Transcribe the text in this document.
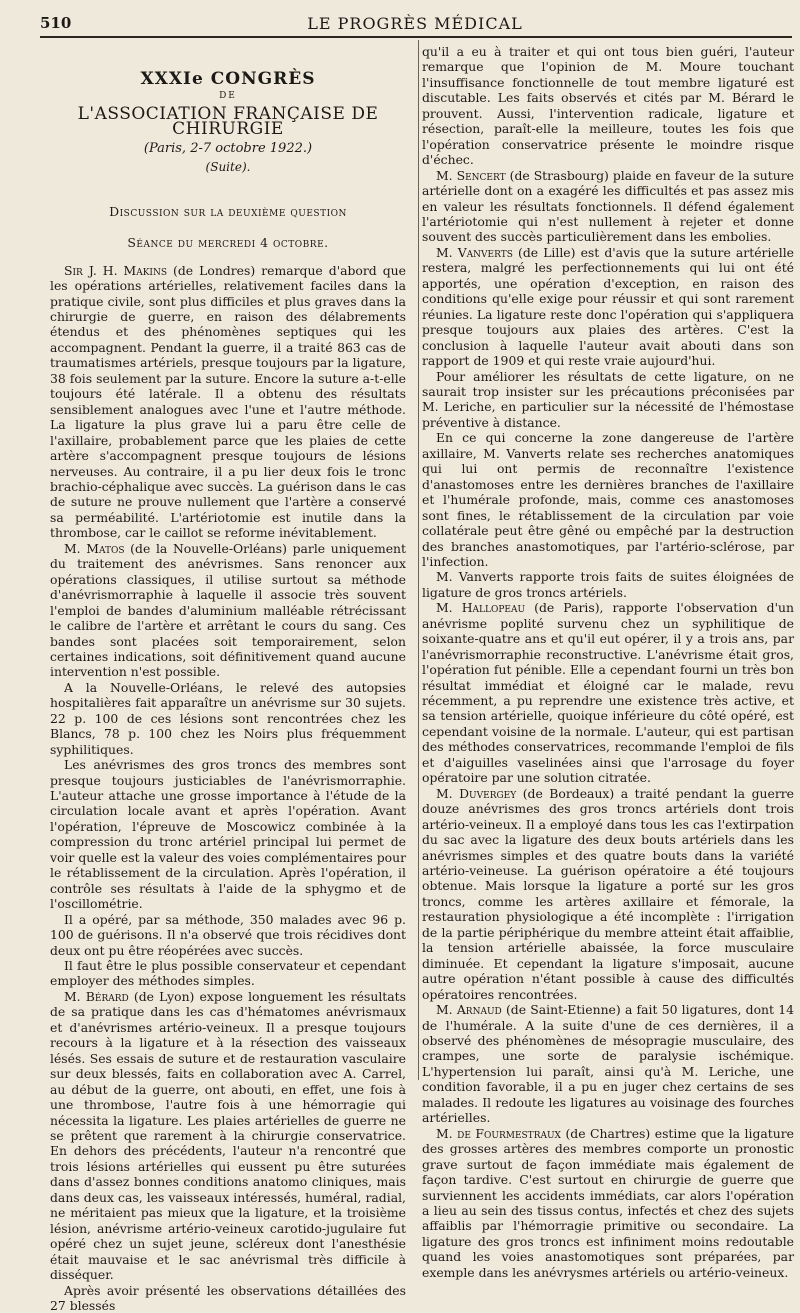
510	LE PROGRÈS MÉDICAL
XXXIe CONGRÈS
DE
L'ASSOCIATION FRANÇAISE DE CHIRURGIE
(Paris, 2-7 octobre 1922.)
(Suite).
Discussion sur la deuxième question
Séance du mercredi 4 octobre.

Sir J. H. Makins (de Londres) remarque d'abord que les opérations artérielles, relativement faciles dans la pratique civile, sont plus difficiles et plus graves dans la chirurgie de guerre, en raison des délabrements étendus et des phénomènes septiques qui les accompagnent. Pendant la guerre, il a traité 863 cas de traumatismes artériels, presque toujours par la ligature, 38 fois seulement par la suture. Encore la suture a-t-elle toujours été latérale. Il a obtenu des résultats sensiblement analogues avec l'une et l'autre méthode. La ligature la plus grave lui a paru être celle de l'axillaire, probablement parce que les plaies de cette artère s'accompagnent presque toujours de lésions nerveuses. Au contraire, il a pu lier deux fois le tronc brachio-céphalique avec succès. La guérison dans le cas de suture ne prouve nullement que l'artère a conservé sa perméabilité. L'artériotomie est inutile dans la thrombose, car le caillot se reforme inévitablement.

M. Matos (de la Nouvelle-Orléans) parle uniquement du traitement des anévrismes. Sans renoncer aux opérations classiques, il utilise surtout sa méthode d'anévrismorraphie à laquelle il associe très souvent l'emploi de bandes d'aluminium malléable rétrécissant le calibre de l'artère et arrêtant le cours du sang. Ces bandes sont placées soit temporairement, selon certaines indications, soit définitivement quand aucune intervention n'est possible.

A la Nouvelle-Orléans, le relevé des autopsies hospitalières fait apparaître un anévrisme sur 30 sujets. 22 p. 100 de ces lésions sont rencontrées chez les Blancs, 78 p. 100 chez les Noirs plus fréquemment syphilitiques.

Les anévrismes des gros troncs des membres sont presque toujours justiciables de l'anévrismorraphie. L'auteur attache une grosse importance à l'étude de la circulation locale avant et après l'opération. Avant l'opération, l'épreuve de Moscowicz combinée à la compression du tronc artériel principal lui permet de voir quelle est la valeur des voies complémentaires pour le rétablissement de la circulation. Après l'opération, il contrôle ses résultats à l'aide de la sphygmo et de l'oscillométrie.

Il a opéré, par sa méthode, 350 malades avec 96 p. 100 de guérisons. Il n'a observé que trois récidives dont deux ont pu être réopérées avec succès.

Il faut être le plus possible conservateur et cependant employer des méthodes simples.

M. Bérard (de Lyon) expose longuement les résultats de sa pratique dans les cas d'hématomes anévrismaux et d'anévrismes artério-veineux. Il a presque toujours recours à la ligature et à la résection des vaisseaux lésés. Ses essais de suture et de restauration vasculaire sur deux blessés, faits en collaboration avec A. Carrel, au début de la guerre, ont abouti, en effet, une fois à une thrombose, l'autre fois à une hémorragie qui nécessita la ligature. Les plaies artérielles de guerre ne se prêtent que rarement à la chirurgie conservatrice. En dehors des précédents, l'auteur n'a rencontré que trois lésions artérielles qui eussent pu être suturées dans d'assez bonnes conditions anatomo cliniques, mais dans deux cas, les vaisseaux intéressés, huméral, radial, ne méritaient pas mieux que la ligature, et la troisième lésion, anévrisme artério-veineux carotido-jugulaire fut opéré chez un sujet jeune, scléreux dont l'anesthésie était mauvaise et le sac anévrismal très difficile à disséquer.

Après avoir présenté les observations détaillées des 27 blessés

qu'il a eu à traiter et qui ont tous bien guéri, l'auteur remarque que l'opinion de M. Moure touchant l'insuffisance fonctionnelle de tout membre ligaturé est discutable. Les faits observés et cités par M. Bérard le prouvent. Aussi, l'intervention radicale, ligature et résection, paraît-elle la meilleure, toutes les fois que l'opération conservatrice présente le moindre risque d'échec.

M. Sencert (de Strasbourg) plaide en faveur de la suture artérielle dont on a exagéré les difficultés et pas assez mis en valeur les résultats fonctionnels. Il défend également l'artériotomie qui n'est nullement à rejeter et donne souvent des succès particulièrement dans les embolies.

M. Vanverts (de Lille) est d'avis que la suture artérielle restera, malgré les perfectionnements qui lui ont été apportés, une opération d'exception, en raison des conditions qu'elle exige pour réussir et qui sont rarement réunies. La ligature reste donc l'opération qui s'appliquera presque toujours aux plaies des artères. C'est la conclusion à laquelle l'auteur avait abouti dans son rapport de 1909 et qui reste vraie aujourd'hui.

Pour améliorer les résultats de cette ligature, on ne saurait trop insister sur les précautions préconisées par M. Leriche, en particulier sur la nécessité de l'hémostase préventive à distance.

En ce qui concerne la zone dangereuse de l'artère axillaire, M. Vanverts relate ses recherches anatomiques qui lui ont permis de reconnaître l'existence d'anastomoses entre les dernières branches de l'axillaire et l'humérale profonde, mais, comme ces anastomoses sont fines, le rétablissement de la circulation par voie collatérale peut être gêné ou empêché par la destruction des branches anastomotiques, par l'artério-sclérose, par l'infection.

M. Vanverts rapporte trois faits de suites éloignées de ligature de gros troncs artériels.

M. Hallopeau (de Paris), rapporte l'observation d'un anévrisme poplité survenu chez un syphilitique de soixante-quatre ans et qu'il eut opérer, il y a trois ans, par l'anévrismorraphie reconstructive. L'anévrisme était gros, l'opération fut pénible. Elle a cependant fourni un très bon résultat immédiat et éloigné car le malade, revu récemment, a pu reprendre une existence très active, et sa tension artérielle, quoique inférieure du côté opéré, est cependant voisine de la normale. L'auteur, qui est partisan des méthodes conservatrices, recommande l'emploi de fils et d'aiguilles vaselinées ainsi que l'arrosage du foyer opératoire par une solution citratée.

M. Duvergey (de Bordeaux) a traité pendant la guerre douze anévrismes des gros troncs artériels dont trois artério-veineux. Il a employé dans tous les cas l'extirpation du sac avec la ligature des deux bouts artériels dans les anévrismes simples et des quatre bouts dans la variété artério-veineuse. La guérison opératoire a été toujours obtenue. Mais lorsque la ligature a porté sur les gros troncs, comme les artères axillaire et fémorale, la restauration physiologique a été incomplète : l'irrigation de la partie périphérique du membre atteint était affaiblie, la tension artérielle abaissée, la force musculaire diminuée. Et cependant la ligature s'imposait, aucune autre opération n'étant possible à cause des difficultés opératoires rencontrées.

M. Arnaud (de Saint-Etienne) a fait 50 ligatures, dont 14 de l'humérale. A la suite d'une de ces dernières, il a observé des phénomènes de mésopragie musculaire, des crampes, une sorte de paralysie ischémique. L'hypertension lui paraît, ainsi qu'à M. Leriche, une condition favorable, il a pu en juger chez certains de ses malades. Il redoute les ligatures au voisinage des fourches artérielles.

M. de Fourmestraux (de Chartres) estime que la ligature des grosses artères des membres comporte un pronostic grave surtout de façon immédiate mais également de façon tardive. C'est surtout en chirurgie de guerre que surviennent les accidents immédiats, car alors l'opération a lieu au sein des tissus contus, infectés et chez des sujets affaiblis par l'hémorragie primitive ou secondaire. La ligature des gros troncs est infiniment moins redoutable quand les voies anastomotiques sont préparées, par exemple dans les anévrysmes artériels ou artério-veineux.
